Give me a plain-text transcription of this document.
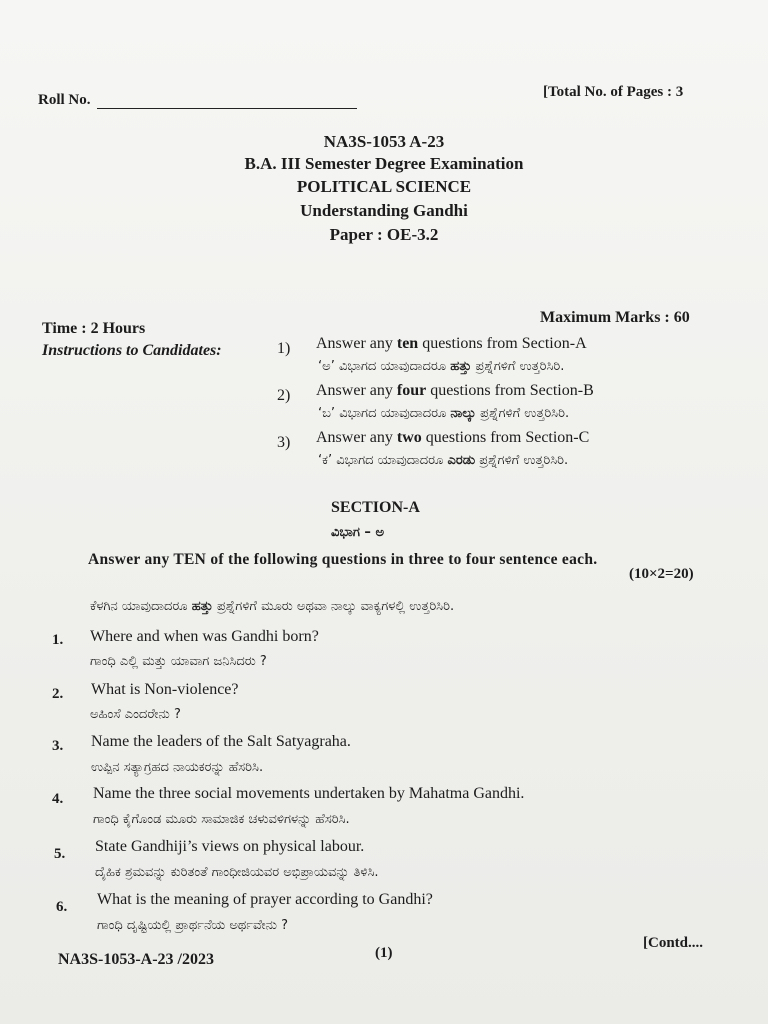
Roll No.	[Total No. of Pages : 3
NA3S-1053 A-23
B.A. III Semester Degree Examination
POLITICAL SCIENCE
Understanding Gandhi
Paper : OE-3.2
Maximum Marks : 60
Time : 2 Hours
Instructions to Candidates:	1) Answer any ten questions from Section-A
‘ಅ’ ವಿಭಾಗದ ಯಾವುದಾದರೂ ಹತ್ತು ಪ್ರಶ್ನೆಗಳಿಗೆ ಉತ್ತರಿಸಿರಿ.
2) Answer any four questions from Section-B
‘ಬ’ ವಿಭಾಗದ ಯಾವುದಾದರೂ ನಾಲ್ಕು ಪ್ರಶ್ನೆಗಳಿಗೆ ಉತ್ತರಿಸಿರಿ.
3) Answer any two questions from Section-C
‘ಕ’ ವಿಭಾಗದ ಯಾವುದಾದರೂ ಎರಡು ಪ್ರಶ್ನೆಗಳಿಗೆ ಉತ್ತರಿಸಿರಿ.
SECTION-A
ವಿಭಾಗ – ಅ
Answer any TEN of the following questions in three to four sentence each.
(10×2=20)
ಕೆಳಗಿನ ಯಾವುದಾದರೂ ಹತ್ತು ಪ್ರಶ್ನೆಗಳಿಗೆ ಮೂರು ಅಥವಾ ನಾಲ್ಕು ವಾಕ್ಯಗಳಲ್ಲಿ ಉತ್ತರಿಸಿರಿ.
1. Where and when was Gandhi born?
ಗಾಂಧಿ ಎಲ್ಲಿ ಮತ್ತು ಯಾವಾಗ ಜನಿಸಿದರು ?
2. What is Non-violence?
ಅಹಿಂಸೆ ಎಂದರೇನು ?
3. Name the leaders of the Salt Satyagraha.
ಉಪ್ಪಿನ ಸತ್ಯಾಗ್ರಹದ ನಾಯಕರನ್ನು ಹೆಸರಿಸಿ.
4. Name the three social movements undertaken by Mahatma Gandhi.
ಗಾಂಧಿ ಕೈಗೊಂಡ ಮೂರು ಸಾಮಾಜಿಕ ಚಳುವಳಿಗಳನ್ನು ಹೆಸರಿಸಿ.
5. State Gandhiji’s views on physical labour.
ದೈಹಿಕ ಶ್ರಮವನ್ನು ಕುರಿತಂತೆ ಗಾಂಧೀಜಿಯವರ ಅಭಿಪ್ರಾಯವನ್ನು ತಿಳಿಸಿ.
6. What is the meaning of prayer according to Gandhi?
ಗಾಂಧಿ ದೃಷ್ಟಿಯಲ್ಲಿ ಪ್ರಾರ್ಥನೆಯ ಅರ್ಥವೇನು ?
NA3S-1053-A-23 /2023	(1)
[Contd....
